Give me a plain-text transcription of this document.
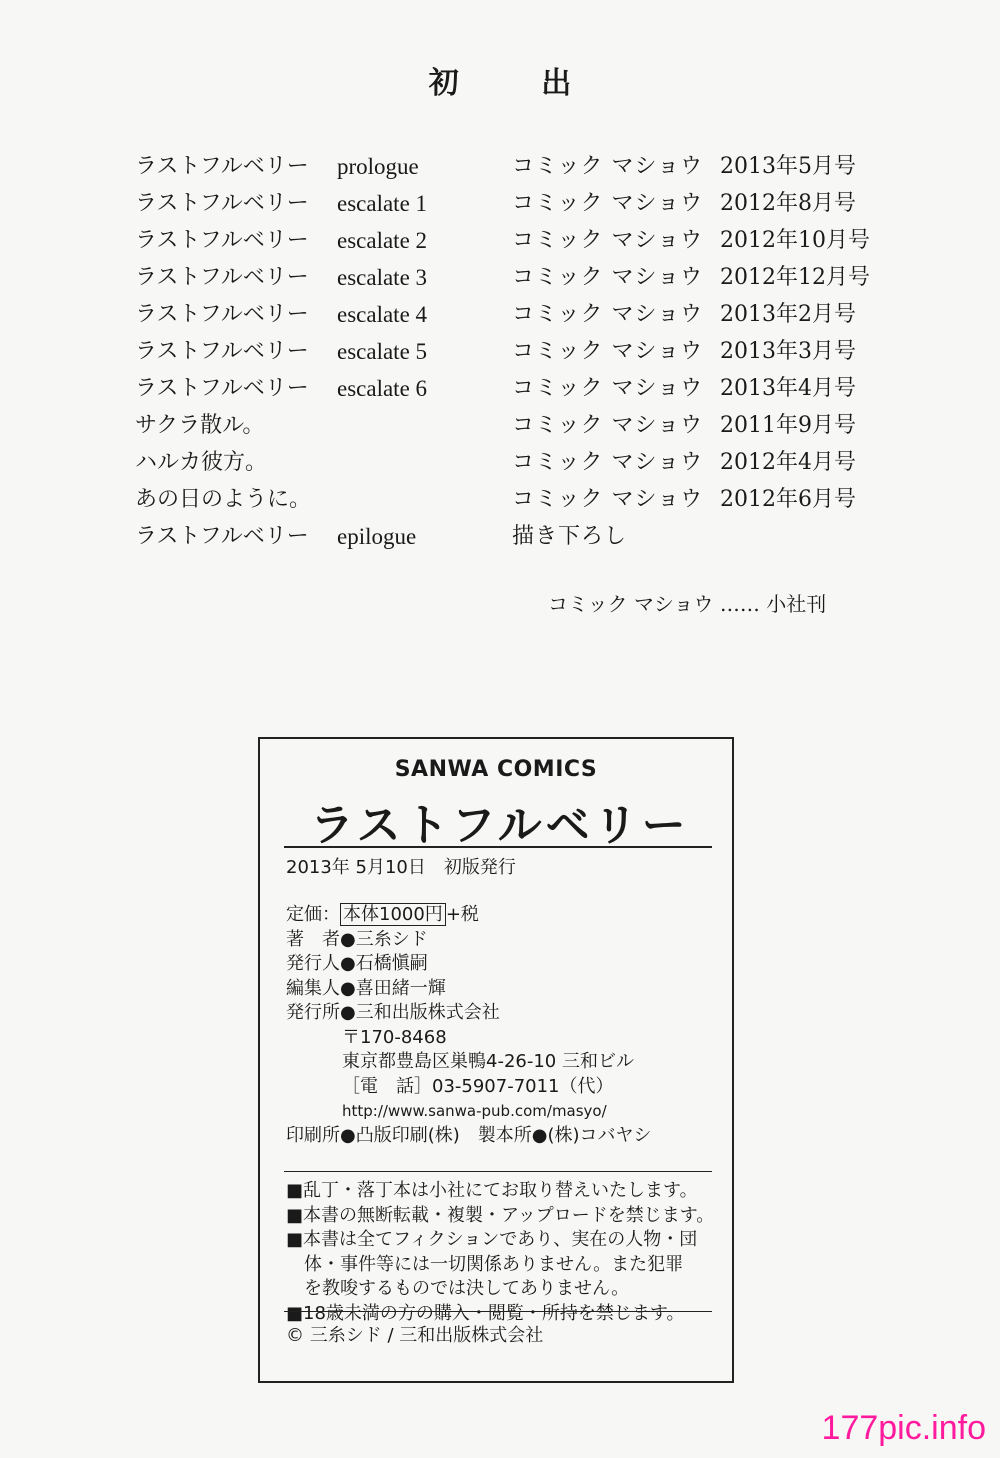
初 出
ラストフルベリー prologue	コミック マショウ 2013年5月号
ラストフルベリー escalate 1	コミック マショウ 2012年8月号
ラストフルベリー escalate 2	コミック マショウ 2012年10月号
ラストフルベリー escalate 3	コミック マショウ 2012年12月号
ラストフルベリー escalate 4	コミック マショウ 2013年2月号
ラストフルベリー escalate 5	コミック マショウ 2013年3月号
ラストフルベリー escalate 6	コミック マショウ 2013年4月号
サクラ散ル。	コミック マショウ 2011年9月号
ハルカ彼方。	コミック マショウ 2012年4月号
あの日のように。	コミック マショウ 2012年6月号
ラストフルベリー epilogue	描き下ろし
コミック マショウ …… 小社刊
SANWA COMICS
ラストフルベリー
2013年 5月10日　初版発行
定価： 本体1000円 +税
著　者●三糸シド
発行人●石橋愼嗣
編集人●喜田緒一輝
発行所●三和出版株式会社
〒170-8468
東京都豊島区巣鴨4-26-10 三和ビル
［電　話］03-5907-7011（代）
http://www.sanwa-pub.com/masyo/
印刷所●凸版印刷(株)　製本所●(株)コバヤシ
■乱丁・落丁本は小社にてお取り替えいたします。
■本書の無断転載・複製・アップロードを禁じます。
■本書は全てフィクションであり、実在の人物・団
　体・事件等には一切関係ありません。また犯罪
　を教唆するものでは決してありません。
■18歳未満の方の購入・閲覧・所持を禁じます。
© 三糸シド / 三和出版株式会社
177pic.info
